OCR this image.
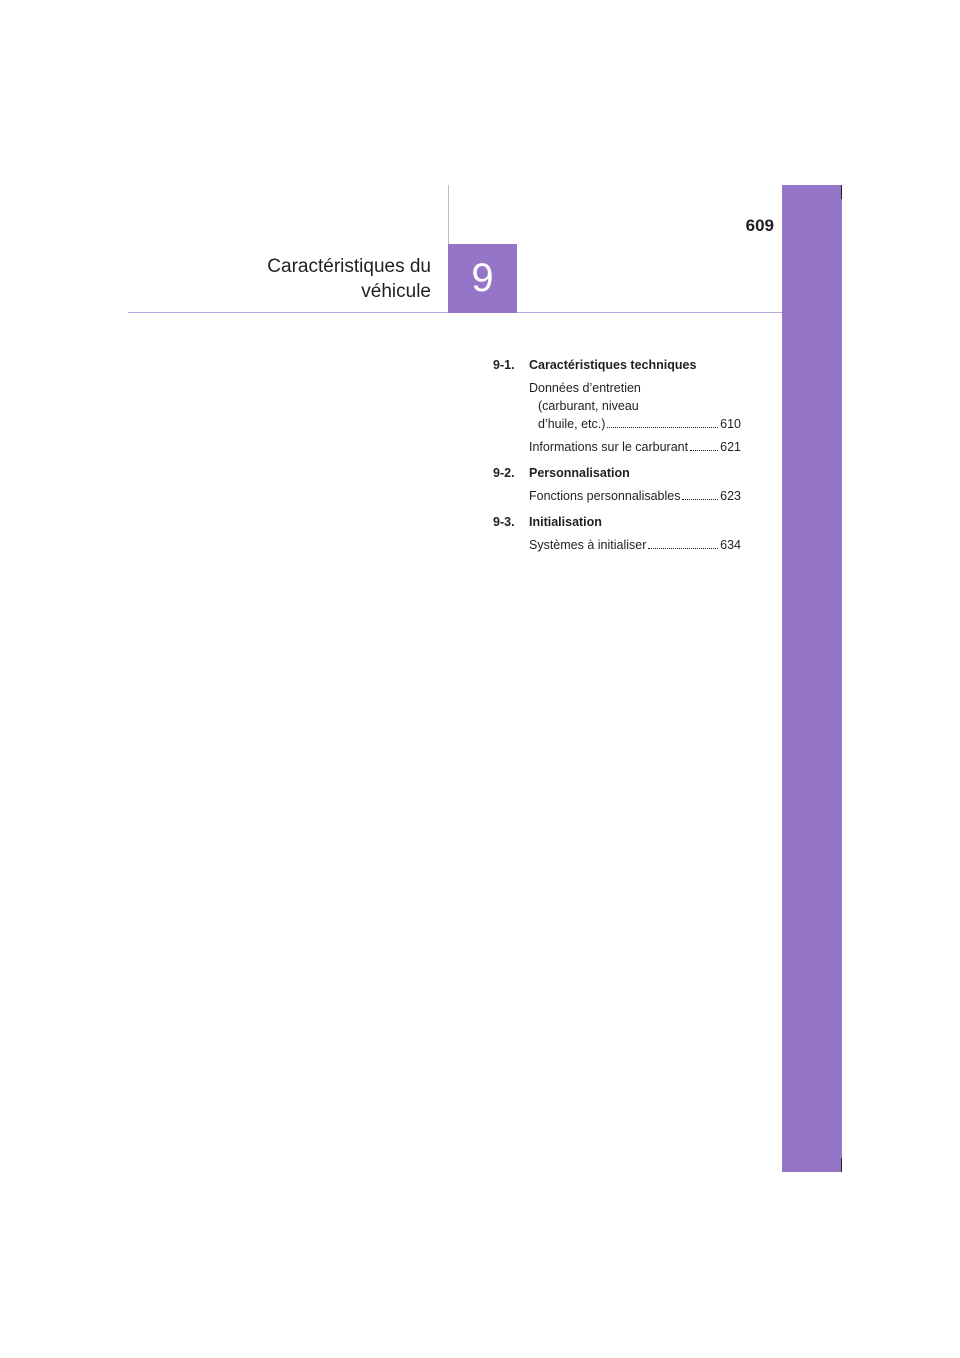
Caractéristiques du
véhicule	9
609
9-1.	Caractéristiques techniques
Données d’entretien
(carburant, niveau
d’huile, etc.)	610
Informations sur le carburant	621
9-2.	Personnalisation
Fonctions personnalisables	623
9-3.	Initialisation
Systèmes à initialiser	634
